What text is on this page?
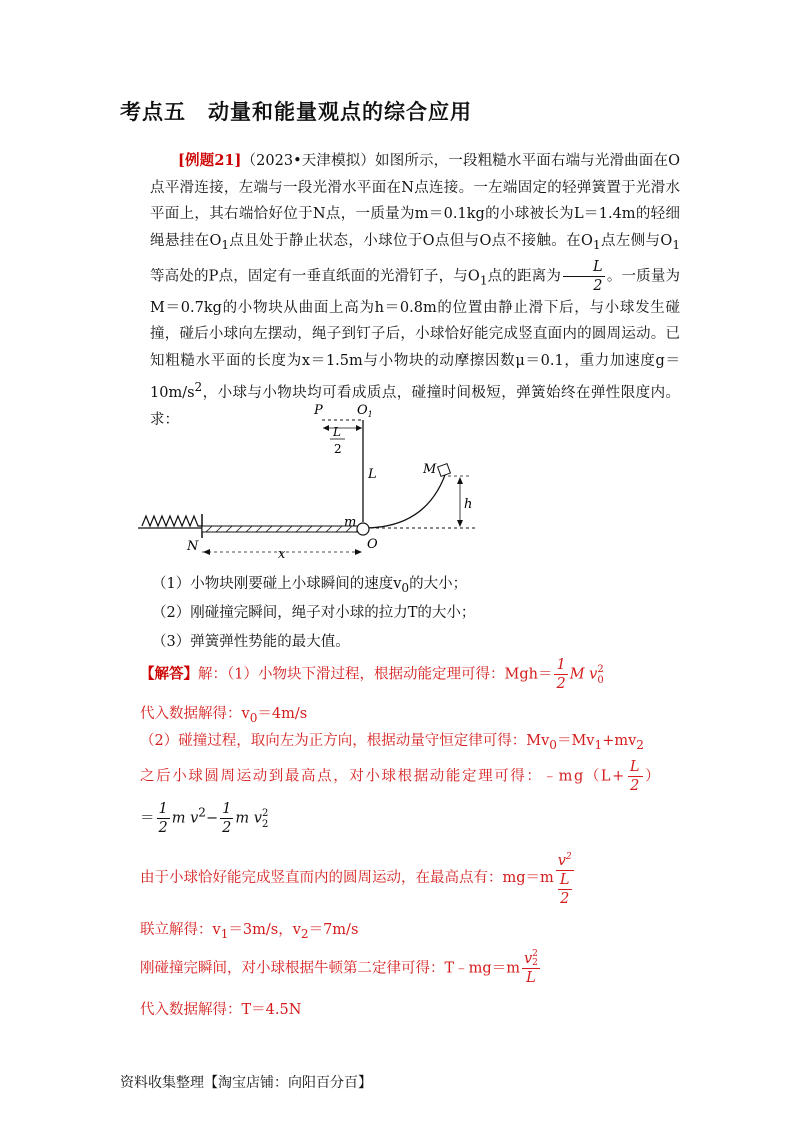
考点五 动量和能量观点的综合应用
[例题21]（2023•天津模拟）如图所示，一段粗糙水平面右端与光滑曲面在O点平滑连接，左端与一段光滑水平面在N点连接。一左端固定的轻弹簧置于光滑水平面上，其右端恰好位于N点，一质量为m＝0.1kg的小球被长为L＝1.4m的轻细绳悬挂在$O_1$点且处于静止状态，小球位于O点但与O点不接触。在$O_1$点左侧与$O_1$等高处的P点，固定有一垂直纸面的光滑钉子，与$O_1$点的距离为 $\frac{L}{2}$ 。一质量为M＝0.7kg的小物块从曲面上高为h＝0.8m的位置由静止滑下后，与小球发生碰撞，碰后小球向左摆动，绳子到钉子后，小球恰好能完成竖直面内的圆周运动。已知粗糙水平面的长度为x＝1.5m与小物块的动摩擦因数μ＝0.1，重力加速度$g=10m/s^2$，小球与小物块均可看成质点，碰撞时间极短，弹簧始终在弹性限度内。求：
P	$O_1$
L
2
L	M
h
m
N	O
x
（1）小物块刚要碰上小球瞬间的速度$v_0$的大小；
（2）刚碰撞完瞬间，绳子对小球的拉力T的大小；
（3）弹簧弹性势能的最大值。
【解答】解：（1）小物块下滑过程，根据动能定理可得：$Mgh= \frac{1}{2}$ M v 2
0
代入数据解得：$v_0=4m/s$
（2）碰撞过程，取向左为正方向，根据动量守恒定律可得：$Mv_0=Mv_1+mv_2$
之后小球圆周运动到最高点，对小球根据动能定理可得：﹣mg（L+ $\frac{L}{2}$ ）
＝ $\frac{1}{2}$ m $v^2- \frac{1}{2}$ m v 2
2
由于小球恰好能完成竖直而内的圆周运动，在最高点有：$mg=m \frac{v^2}{\frac{L}{2}}$
联立解得：$v_1=3m/s$，$v_2=7m/s$
刚碰撞完瞬间，对小球根据牛顿第二定律可得：T﹣mg＝m v 2
2
L
代入数据解得：T＝4.5N
资料收集整理【淘宝店铺：向阳百分百】
